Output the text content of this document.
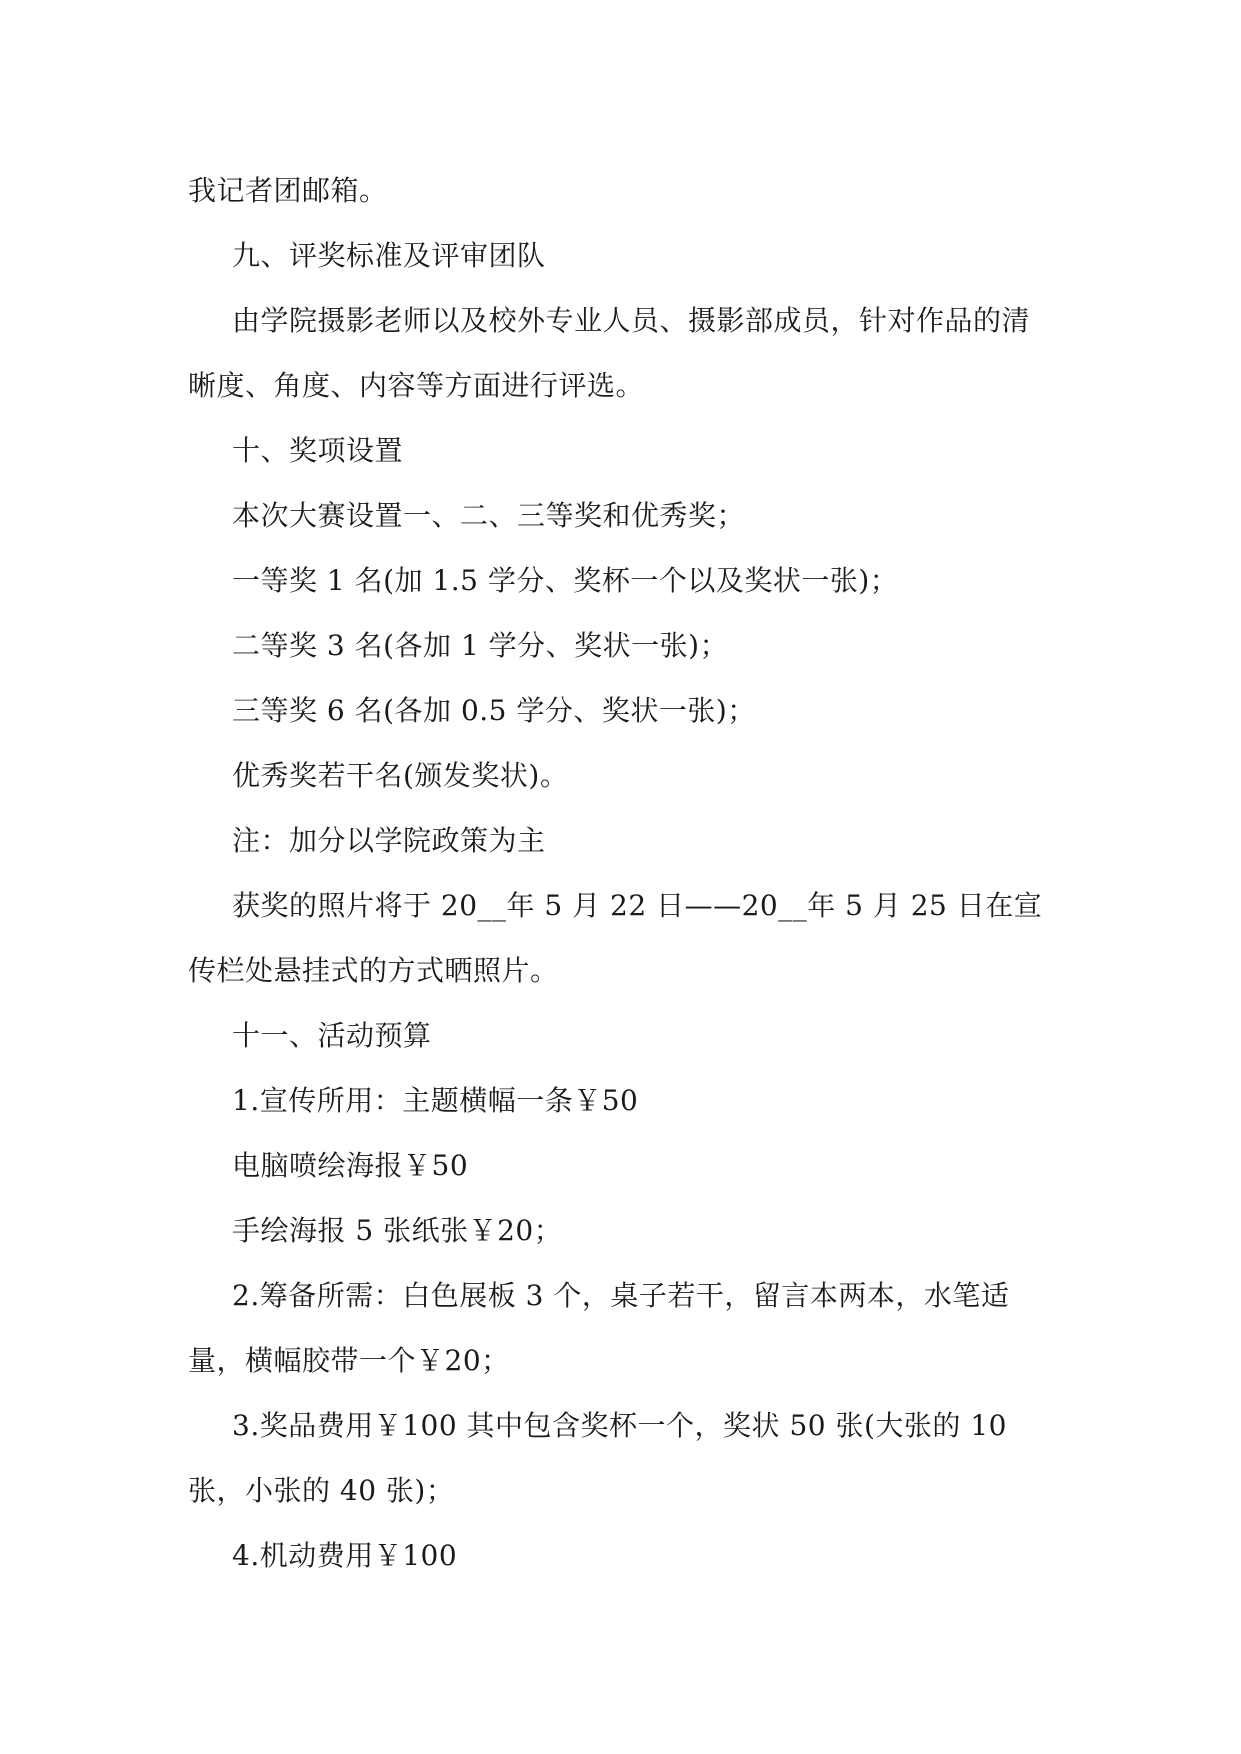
我记者团邮箱。

九、评奖标准及评审团队

由学院摄影老师以及校外专业人员、摄影部成员，针对作品的清晰度、角度、内容等方面进行评选。

十、奖项设置

本次大赛设置一、二、三等奖和优秀奖；

一等奖 1 名(加 1.5 学分、奖杯一个以及奖状一张)；

二等奖 3 名(各加 1 学分、奖状一张)；

三等奖 6 名(各加 0.5 学分、奖状一张)；

优秀奖若干名(颁发奖状)。

注：加分以学院政策为主

获奖的照片将于 20__年 5 月 22 日——20__年 5 月 25 日在宣传栏处悬挂式的方式晒照片。

十一、活动预算

1.宣传所用：主题横幅一条￥50

电脑喷绘海报￥50

手绘海报 5 张纸张￥20；

2.筹备所需：白色展板 3 个，桌子若干，留言本两本，水笔适量，横幅胶带一个￥20；

3.奖品费用￥100 其中包含奖杯一个，奖状 50 张(大张的 10 张，小张的 40 张)；

4.机动费用￥100
